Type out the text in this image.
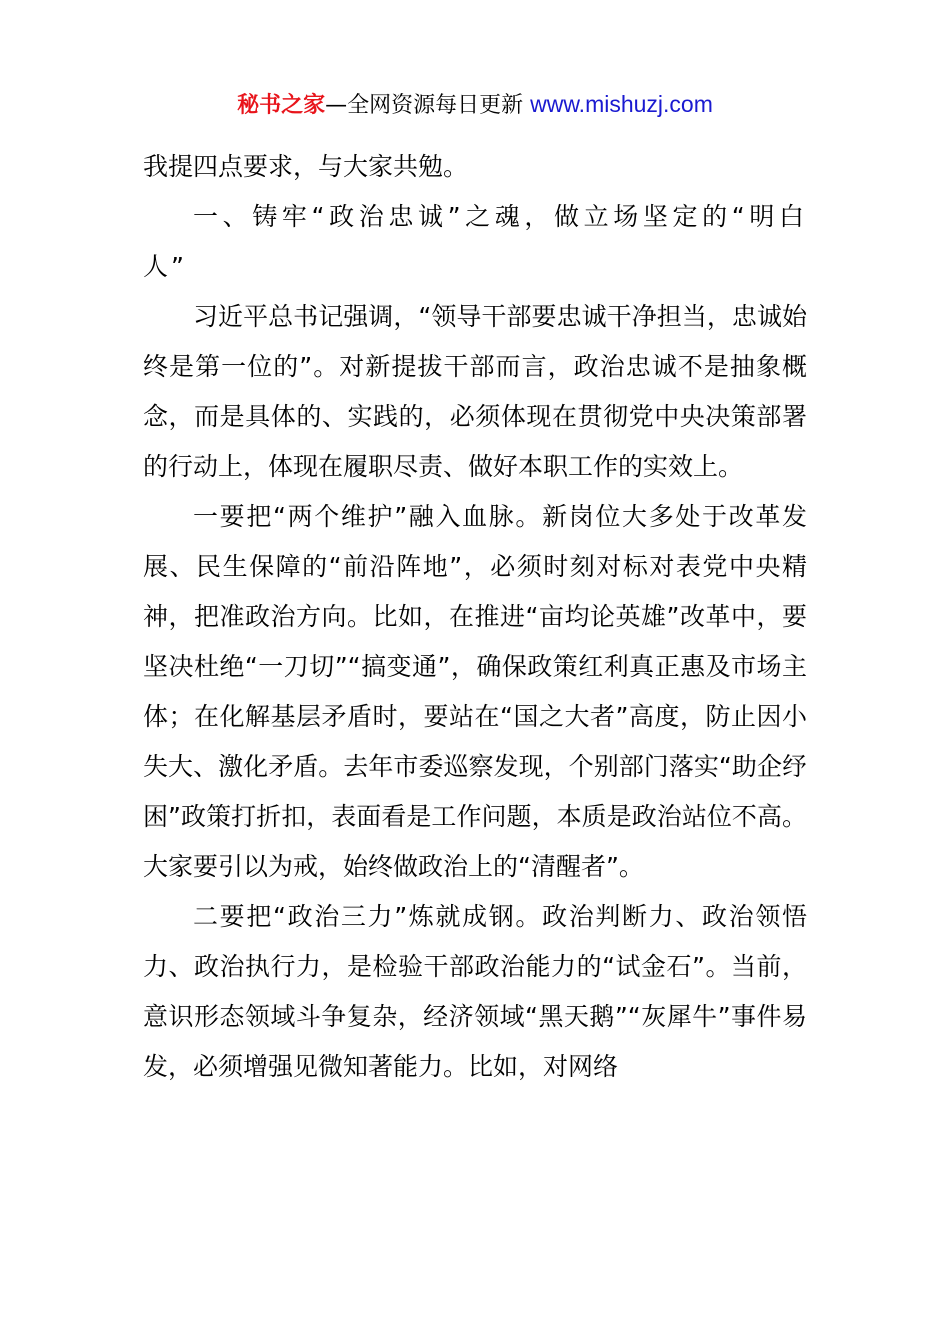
秘书之家—全网资源每日更新 www.mishuzj.com

我提四点要求，与大家共勉。

一、铸牢“政治忠诚”之魂，做立场坚定的“明白人”

习近平总书记强调，“领导干部要忠诚干净担当，忠诚始终是第一位的”。对新提拔干部而言，政治忠诚不是抽象概念，而是具体的、实践的，必须体现在贯彻党中央决策部署的行动上，体现在履职尽责、做好本职工作的实效上。

一要把“两个维护”融入血脉。新岗位大多处于改革发展、民生保障的“前沿阵地”，必须时刻对标对表党中央精神，把准政治方向。比如，在推进“亩均论英雄”改革中，要坚决杜绝“一刀切”“搞变通”，确保政策红利真正惠及市场主体；在化解基层矛盾时，要站在“国之大者”高度，防止因小失大、激化矛盾。去年市委巡察发现，个别部门落实“助企纾困”政策打折扣，表面看是工作问题，本质是政治站位不高。大家要引以为戒，始终做政治上的“清醒者”。

二要把“政治三力”炼就成钢。政治判断力、政治领悟力、政治执行力，是检验干部政治能力的“试金石”。当前，意识形态领域斗争复杂，经济领域“黑天鹅”“灰犀牛”事件易发，必须增强见微知著能力。比如，对网络
